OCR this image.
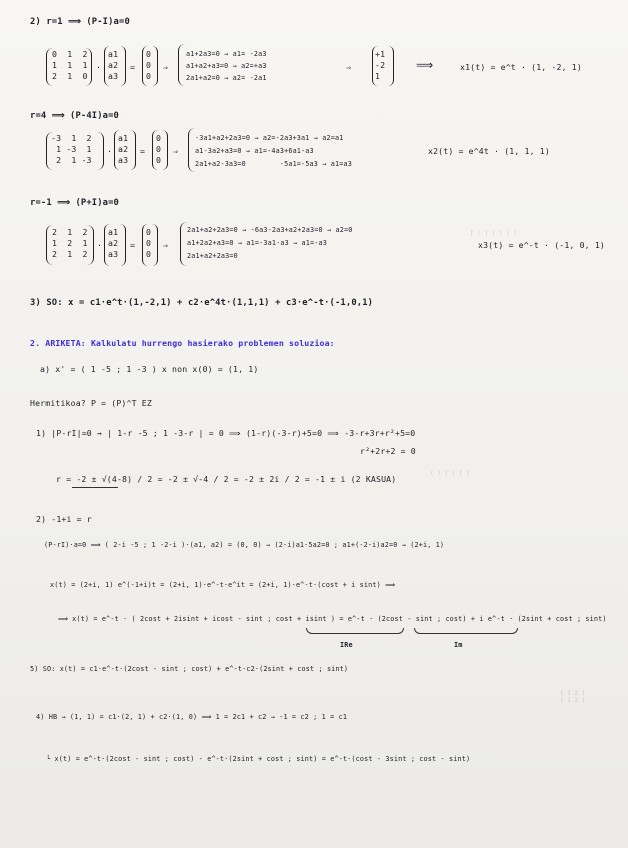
∫ ( ) ( ) ( )
( ) ( ) ( )
( 1 2 )
( 1 2 )
2) r=1 ⟹ (P-I)a=0
0  1  2
1  1  1
2  1  0
·
a1
a2
a3
=
0
0
0
⇒
a1+2a3=0 → a1= -2a3
a1+a2+a3=0 → a2=+a3
2a1+a2=0 → a2= -2a1
⇒
+1
-2
1
⟹	x1(t) = e^t · (1, -2, 1)
r=4 ⟹ (P-4I)a=0
-3  1  2
1 -3  1
2  1 -3
·
a1
a2
a3
=
0
0
0
⇒
-3a1+a2+2a3=0 → a2=-2a3+3a1 → a2=a1
a1-3a2+a3=0 → a1=-4a3+6a1-a3
2a1+a2-3a3=0        -5a1=-5a3 → a1=a3
x2(t) = e^4t · (1, 1, 1)
r=-1 ⟹ (P+I)a=0
2  1  2
1  2  1
2  1  2
·
a1
a2
a3
=
0
0
0
⇒
2a1+a2+2a3=0 → -6a3-2a3+a2+2a3=0 → a2=0
a1+2a2+a3=0 → a1=-3a1-a3 → a1=-a3
2a1+a2+2a3=0
x3(t) = e^-t · (-1, 0, 1)
3) SO: x = c1·e^t·(1,-2,1) + c2·e^4t·(1,1,1) + c3·e^-t·(-1,0,1)
2. ARIKETA: Kalkulatu hurrengo hasierako problemen soluzioa:
a) x' = ( 1 -5 ; 1 -3 ) x non x(0) = (1, 1)
Hermitikoa? P = (P)^T EZ
1) |P-rI|=0 → | 1-r -5 ; 1 -3-r | = 0 ⟹ (1-r)(-3-r)+5=0 ⟹ -3-r+3r+r²+5=0
r²+2r+2 = 0
r = -2 ± √(4-8) / 2 = -2 ± √-4 / 2 = -2 ± 2i / 2 = -1 ± i (2 KASUA)
2) -1+i = r
(P-rI)·a=0 ⟹ ( 2-i -5 ; 1 -2-i )·(a1, a2) = (0, 0) → (2-i)a1-5a2=0 ; a1+(-2-i)a2=0 → (2+i, 1)
x(t) = (2+i, 1) e^(-1+i)t = (2+i, 1)·e^-t·e^it = (2+i, 1)·e^-t·(cost + i sint) ⟹
⟹ x(t) = e^-t · ( 2cost + 2isint + icost - sint ; cost + isint ) = e^-t · (2cost - sint ; cost) + i e^-t · (2sint + cost ; sint)
IRe	Im
5) SO: x(t) = c1·e^-t·(2cost - sint ; cost) + e^-t·c2·(2sint + cost ; sint)
4) HB → (1, 1) = c1·(2, 1) + c2·(1, 0) ⟹ 1 = 2c1 + c2 → -1 = c2 ; 1 = c1
└ x(t) = e^-t·(2cost - sint ; cost) - e^-t·(2sint + cost ; sint) = e^-t·(cost - 3sint ; cost - sint)
